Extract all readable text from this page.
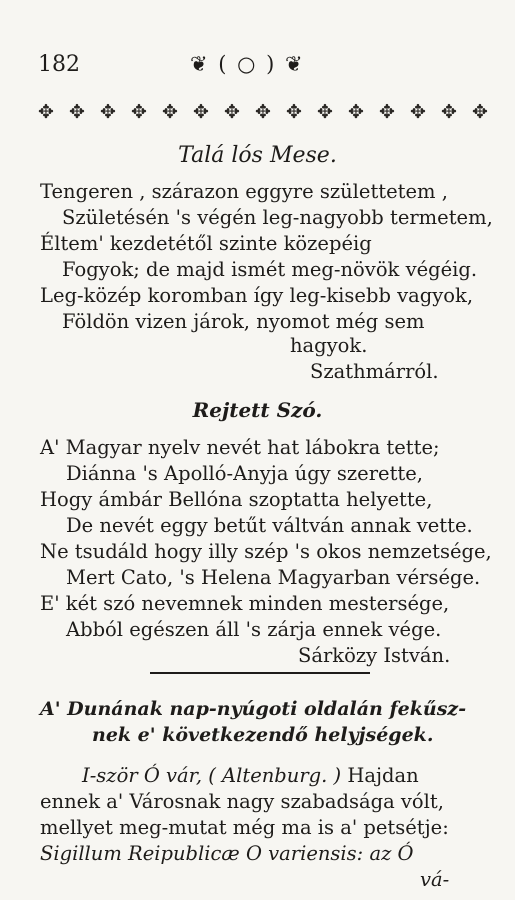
182	❦ ( ○ ) ❦
✥ ✥ ✥ ✥ ✥ ✥ ✥ ✥ ✥ ✥ ✥ ✥ ✥ ✥ ✥
Talá lós Mese.
Tengeren , szárazon eggyre születtetem ,
Születésén 's végén leg-nagyobb termetem,
Éltem' kezdetétől szinte közepéig
Fogyok; de majd ismét meg-növök végéig.
Leg-közép koromban így leg-kisebb vagyok,
Földön vizen járok, nyomot még sem
hagyok.
Szathmárról.
Rejtett Szó.
A' Magyar nyelv nevét hat lábokra tette;
Diánna 's Apolló-Anyja úgy szerette,
Hogy ámbár Bellóna szoptatta helyette,
De nevét eggy betűt váltván annak vette.
Ne tsudáld hogy illy szép 's okos nemzetsége,
Mert Cato, 's Helena Magyarban vérsége.
E' két szó nevemnek minden mestersége,
Abból egészen áll 's zárja ennek vége.
Sárközy István.
A' Dunának nap-nyúgoti oldalán fekűsz-
nek e' következendő helyjségek.
I-ször Ó vár, ( Altenburg. ) Hajdan
ennek a' Városnak nagy szabadsága vólt,
mellyet meg-mutat még ma is a' petsétje:
Sigillum Reipublicæ O variensis: az Ó
vá-
